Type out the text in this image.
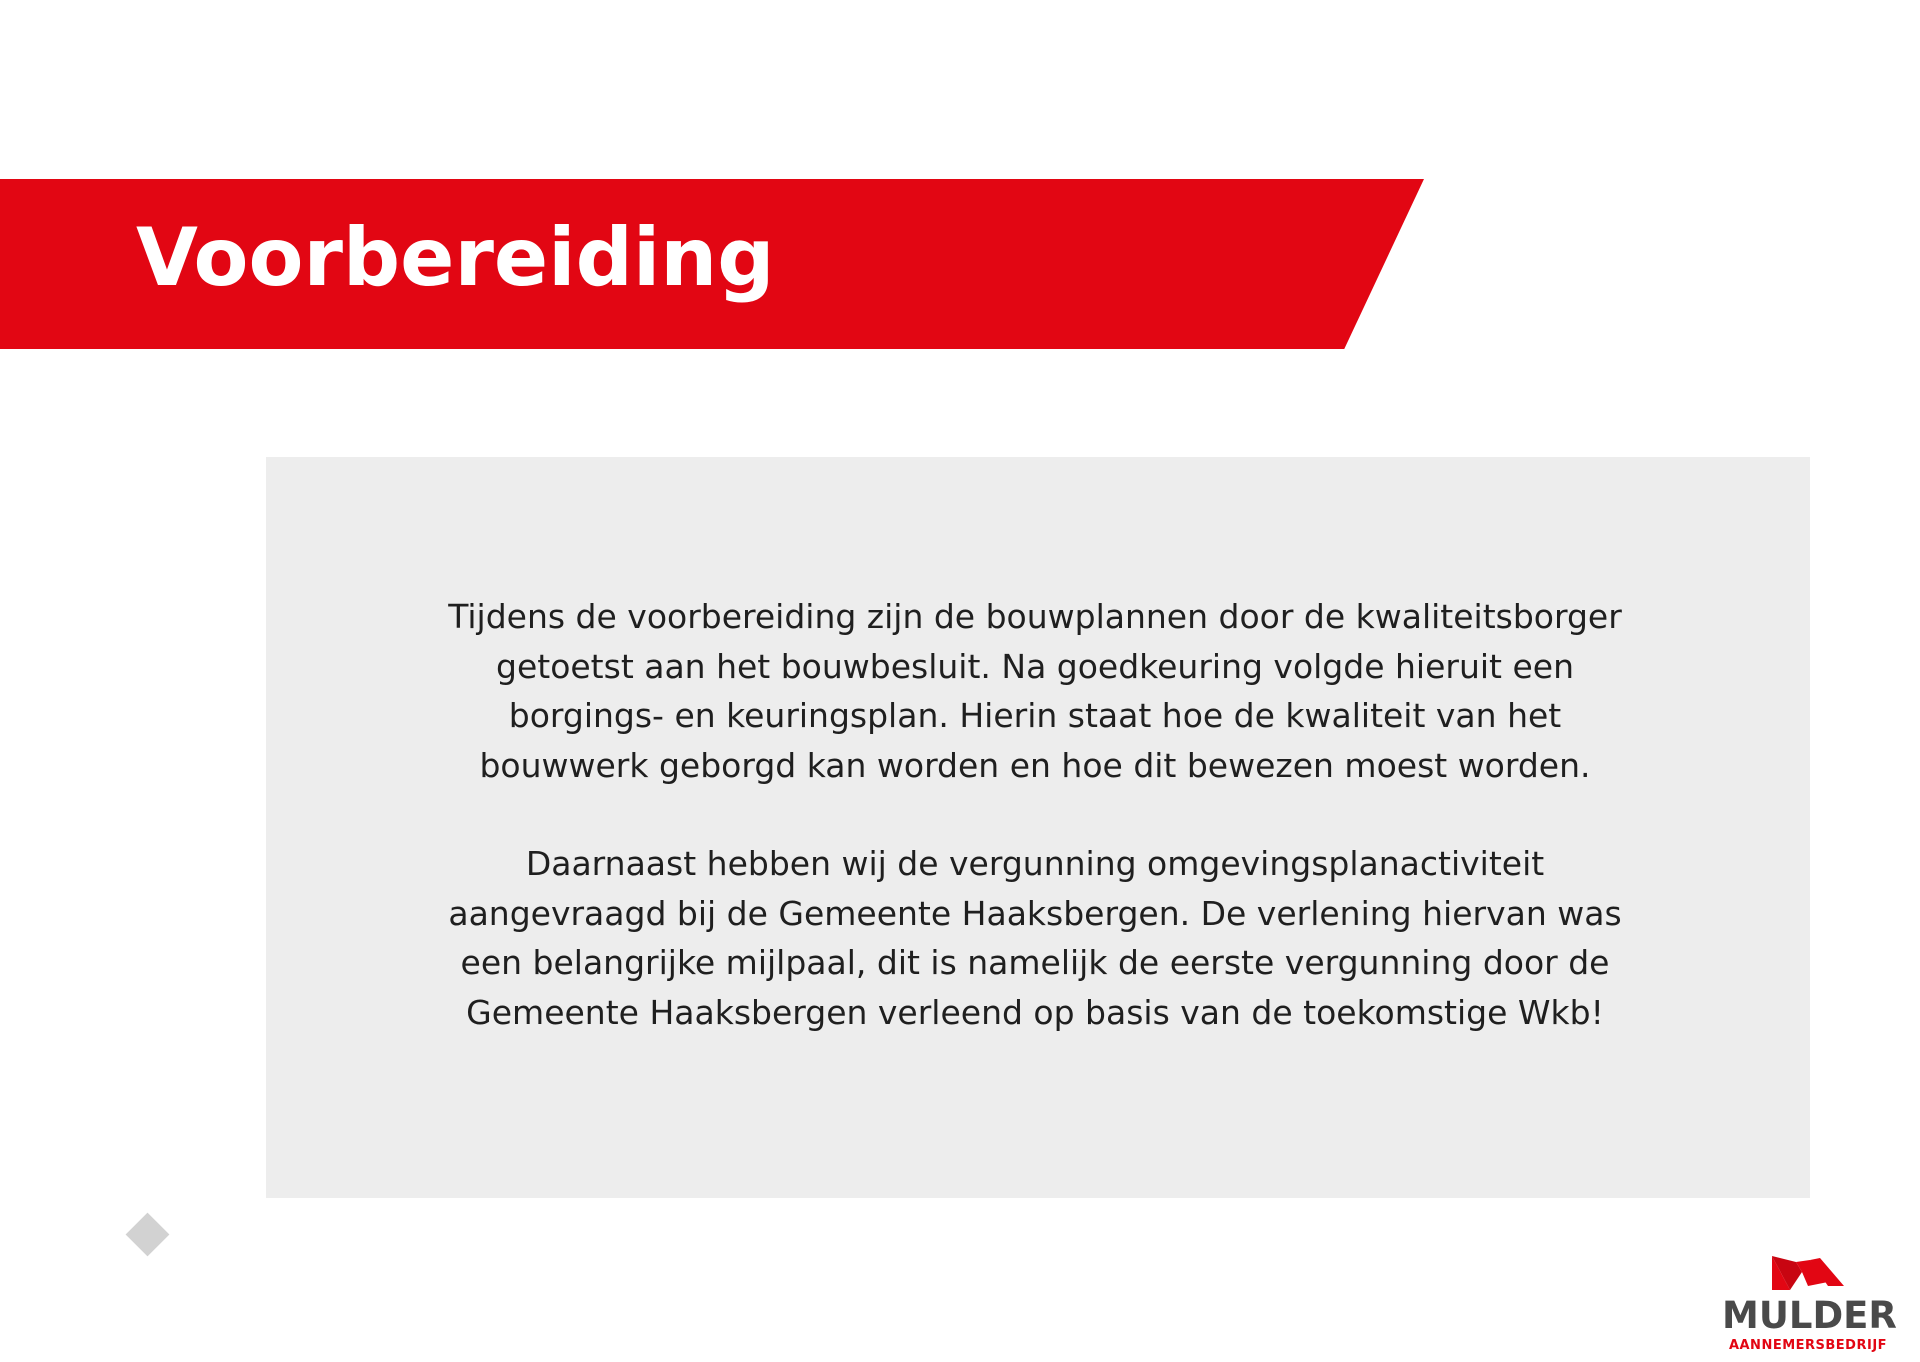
Voorbereiding

Tijdens de voorbereiding zijn de bouwplannen door de kwaliteitsborger
getoetst aan het bouwbesluit. Na goedkeuring volgde hieruit een
borgings- en keuringsplan. Hierin staat hoe de kwaliteit van het
bouwwerk geborgd kan worden en hoe dit bewezen moest worden.

Daarnaast hebben wij de vergunning omgevingsplanactiviteit
aangevraagd bij de Gemeente Haaksbergen. De verlening hiervan was
een belangrijke mijlpaal, dit is namelijk de eerste vergunning door de
Gemeente Haaksbergen verleend op basis van de toekomstige Wkb!

MULDER
AANNEMERSBEDRIJF
